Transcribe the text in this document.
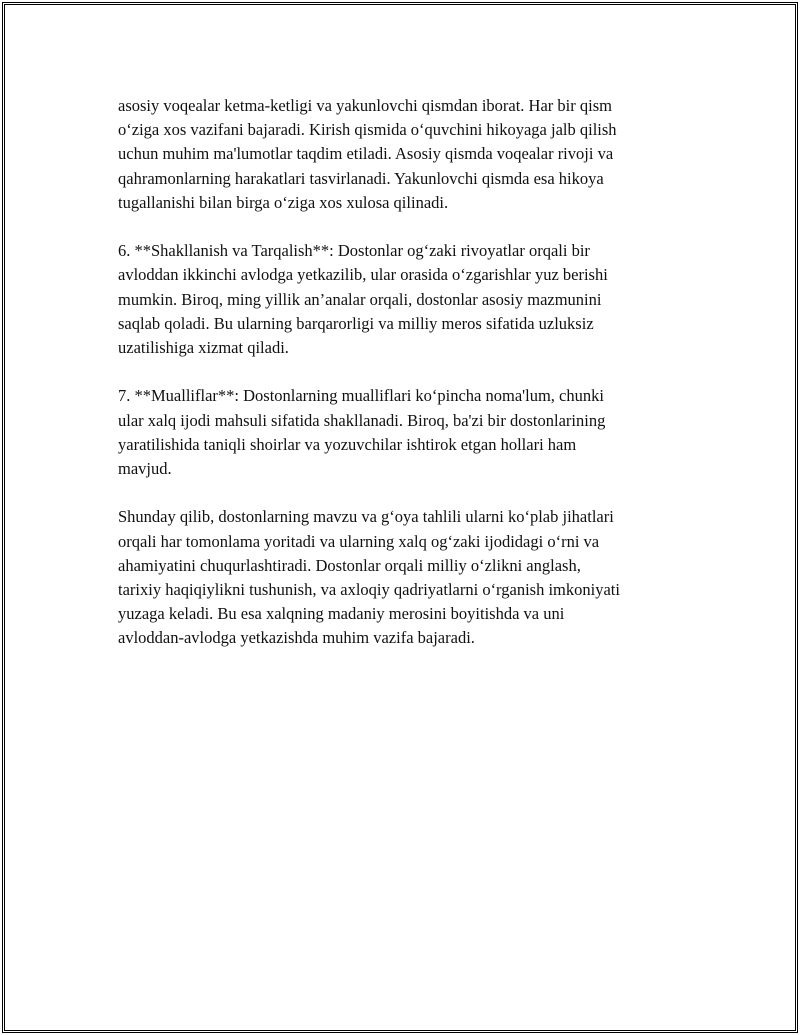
asosiy voqealar ketma-ketligi va yakunlovchi qismdan iborat. Har bir qism
o‘ziga xos vazifani bajaradi. Kirish qismida o‘quvchini hikoyaga jalb qilish
uchun muhim ma'lumotlar taqdim etiladi. Asosiy qismda voqealar rivoji va
qahramonlarning harakatlari tasvirlanadi. Yakunlovchi qismda esa hikoya
tugallanishi bilan birga o‘ziga xos xulosa qilinadi.

6. **Shakllanish va Tarqalish**: Dostonlar og‘zaki rivoyatlar orqali bir
avloddan ikkinchi avlodga yetkazilib, ular orasida o‘zgarishlar yuz berishi
mumkin. Biroq, ming yillik an’analar orqali, dostonlar asosiy mazmunini
saqlab qoladi. Bu ularning barqarorligi va milliy meros sifatida uzluksiz
uzatilishiga xizmat qiladi.

7. **Mualliflar**: Dostonlarning mualliflari ko‘pincha noma'lum, chunki
ular xalq ijodi mahsuli sifatida shakllanadi. Biroq, ba'zi bir dostonlarining
yaratilishida taniqli shoirlar va yozuvchilar ishtirok etgan hollari ham
mavjud.

Shunday qilib, dostonlarning mavzu va g‘oya tahlili ularni ko‘plab jihatlari
orqali har tomonlama yoritadi va ularning xalq og‘zaki ijodidagi o‘rni va
ahamiyatini chuqurlashtiradi. Dostonlar orqali milliy o‘zlikni anglash,
tarixiy haqiqiylikni tushunish, va axloqiy qadriyatlarni o‘rganish imkoniyati
yuzaga keladi. Bu esa xalqning madaniy merosini boyitishda va uni
avloddan-avlodga yetkazishda muhim vazifa bajaradi.
